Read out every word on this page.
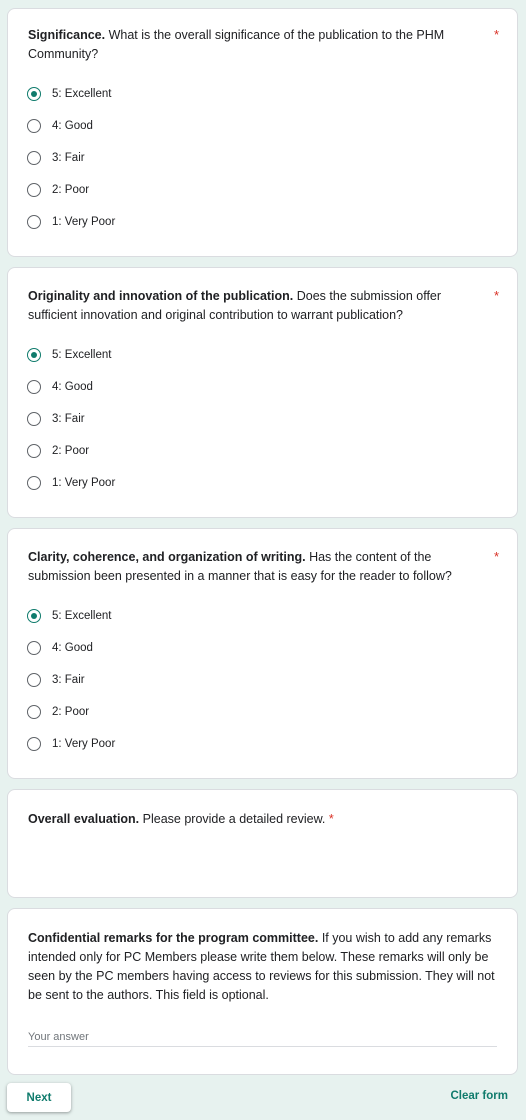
Significance. What is the overall significance of the publication to the PHM Community?
*
5: Excellent
4: Good
3: Fair
2: Poor
1: Very Poor
Originality and innovation of the publication. Does the submission offer sufficient innovation and original contribution to warrant publication?
*
5: Excellent
4: Good
3: Fair
2: Poor
1: Very Poor
Clarity, coherence, and organization of writing. Has the content of the submission been presented in a manner that is easy for the reader to follow?
*
5: Excellent
4: Good
3: Fair
2: Poor
1: Very Poor
Overall evaluation. Please provide a detailed review. *
Confidential remarks for the program committee. If you wish to add any remarks intended only for PC Members please write them below. These remarks will only be seen by the PC members having access to reviews for this submission. They will not be sent to the authors. This field is optional.
Your answer
Next	Clear form
